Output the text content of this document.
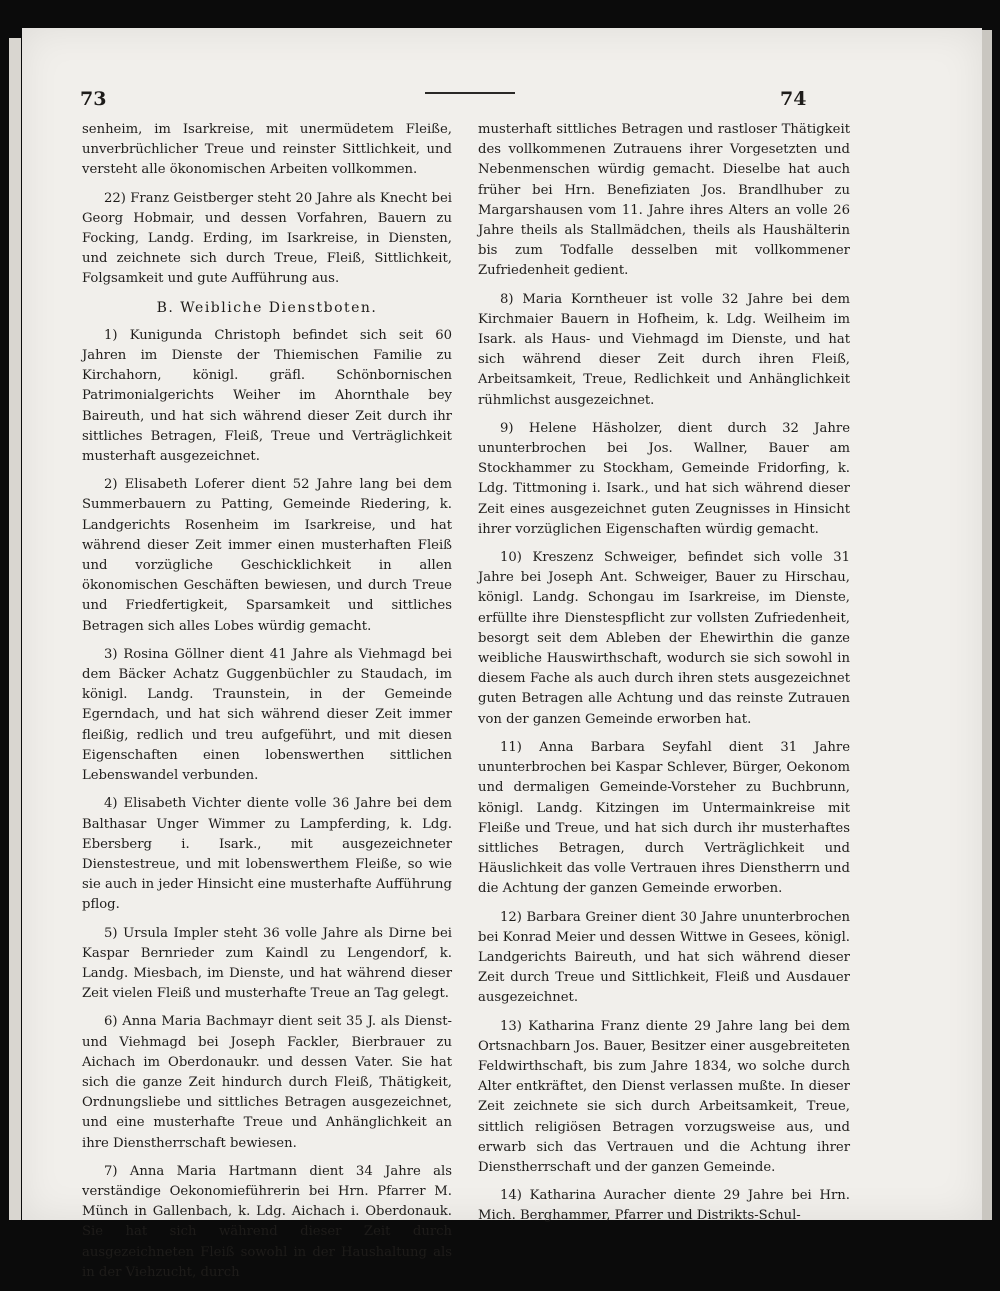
73	74

senheim, im Isarkreise, mit unermüdetem Fleiße, unverbrüchlicher Treue und reinster Sittlichkeit, und versteht alle ökonomischen Arbeiten vollkommen.

22) Franz Geistberger steht 20 Jahre als Knecht bei Georg Hobmair, und dessen Vorfahren, Bauern zu Focking, Landg. Erding, im Isarkreise, in Diensten, und zeichnete sich durch Treue, Fleiß, Sittlichkeit, Folgsamkeit und gute Aufführung aus.

B. Weibliche Dienstboten.

1) Kunigunda Christoph befindet sich seit 60 Jahren im Dienste der Thiemischen Familie zu Kirchahorn, königl. gräfl. Schönbornischen Patrimonialgerichts Weiher im Ahornthale bey Baireuth, und hat sich während dieser Zeit durch ihr sittliches Betragen, Fleiß, Treue und Verträglichkeit musterhaft ausgezeichnet.

2) Elisabeth Loferer dient 52 Jahre lang bei dem Summerbauern zu Patting, Gemeinde Riedering, k. Landgerichts Rosenheim im Isarkreise, und hat während dieser Zeit immer einen musterhaften Fleiß und vorzügliche Geschicklichkeit in allen ökonomischen Geschäften bewiesen, und durch Treue und Friedfertigkeit, Sparsamkeit und sittliches Betragen sich alles Lobes würdig gemacht.

3) Rosina Göllner dient 41 Jahre als Viehmagd bei dem Bäcker Achatz Guggenbüchler zu Staudach, im königl. Landg. Traunstein, in der Gemeinde Egerndach, und hat sich während dieser Zeit immer fleißig, redlich und treu aufgeführt, und mit diesen Eigenschaften einen lobenswerthen sittlichen Lebenswandel verbunden.

4) Elisabeth Vichter diente volle 36 Jahre bei dem Balthasar Unger Wimmer zu Lampferding, k. Ldg. Ebersberg i. Isark., mit ausgezeichneter Dienstestreue, und mit lobenswerthem Fleiße, so wie sie auch in jeder Hinsicht eine musterhafte Aufführung pflog.

5) Ursula Impler steht 36 volle Jahre als Dirne bei Kaspar Bernrieder zum Kaindl zu Lengendorf, k. Landg. Miesbach, im Dienste, und hat während dieser Zeit vielen Fleiß und musterhafte Treue an Tag gelegt.

6) Anna Maria Bachmayr dient seit 35 J. als Dienst- und Viehmagd bei Joseph Fackler, Bierbrauer zu Aichach im Oberdonaukr. und dessen Vater. Sie hat sich die ganze Zeit hindurch durch Fleiß, Thätigkeit, Ordnungsliebe und sittliches Betragen ausgezeichnet, und eine musterhafte Treue und Anhänglichkeit an ihre Dienstherrschaft bewiesen.

7) Anna Maria Hartmann dient 34 Jahre als verständige Oekonomieführerin bei Hrn. Pfarrer M. Münch in Gallenbach, k. Ldg. Aichach i. Oberdonauk. Sie hat sich während dieser Zeit durch ausgezeichneten Fleiß sowohl in der Haushaltung als in der Viehzucht, durch

musterhaft sittliches Betragen und rastloser Thätigkeit des vollkommenen Zutrauens ihrer Vorgesetzten und Nebenmenschen würdig gemacht. Dieselbe hat auch früher bei Hrn. Benefiziaten Jos. Brandlhuber zu Margarshausen vom 11. Jahre ihres Alters an volle 26 Jahre theils als Stallmädchen, theils als Haushälterin bis zum Todfalle desselben mit vollkommener Zufriedenheit gedient.

8) Maria Korntheuer ist volle 32 Jahre bei dem Kirchmaier Bauern in Hofheim, k. Ldg. Weilheim im Isark. als Haus- und Viehmagd im Dienste, und hat sich während dieser Zeit durch ihren Fleiß, Arbeitsamkeit, Treue, Redlichkeit und Anhänglichkeit rühmlichst ausgezeichnet.

9) Helene Häsholzer, dient durch 32 Jahre ununterbrochen bei Jos. Wallner, Bauer am Stockhammer zu Stockham, Gemeinde Fridorfing, k. Ldg. Tittmoning i. Isark., und hat sich während dieser Zeit eines ausgezeichnet guten Zeugnisses in Hinsicht ihrer vorzüglichen Eigenschaften würdig gemacht.

10) Kreszenz Schweiger, befindet sich volle 31 Jahre bei Joseph Ant. Schweiger, Bauer zu Hirschau, königl. Landg. Schongau im Isarkreise, im Dienste, erfüllte ihre Dienstespflicht zur vollsten Zufriedenheit, besorgt seit dem Ableben der Ehewirthin die ganze weibliche Hauswirthschaft, wodurch sie sich sowohl in diesem Fache als auch durch ihren stets ausgezeichnet guten Betragen alle Achtung und das reinste Zutrauen von der ganzen Gemeinde erworben hat.

11) Anna Barbara Seyfahl dient 31 Jahre ununterbrochen bei Kaspar Schlever, Bürger, Oekonom und dermaligen Gemeinde-Vorsteher zu Buchbrunn, königl. Landg. Kitzingen im Untermainkreise mit Fleiße und Treue, und hat sich durch ihr musterhaftes sittliches Betragen, durch Verträglichkeit und Häuslichkeit das volle Vertrauen ihres Dienstherrn und die Achtung der ganzen Gemeinde erworben.

12) Barbara Greiner dient 30 Jahre ununterbrochen bei Konrad Meier und dessen Wittwe in Gesees, königl. Landgerichts Baireuth, und hat sich während dieser Zeit durch Treue und Sittlichkeit, Fleiß und Ausdauer ausgezeichnet.

13) Katharina Franz diente 29 Jahre lang bei dem Ortsnachbarn Jos. Bauer, Besitzer einer ausgebreiteten Feldwirthschaft, bis zum Jahre 1834, wo solche durch Alter entkräftet, den Dienst verlassen mußte. In dieser Zeit zeichnete sie sich durch Arbeitsamkeit, Treue, sittlich religiösen Betragen vorzugsweise aus, und erwarb sich das Vertrauen und die Achtung ihrer Dienstherrschaft und der ganzen Gemeinde.

14) Katharina Auracher diente 29 Jahre bei Hrn. Mich. Berghammer, Pfarrer und Distrikts-Schul-
